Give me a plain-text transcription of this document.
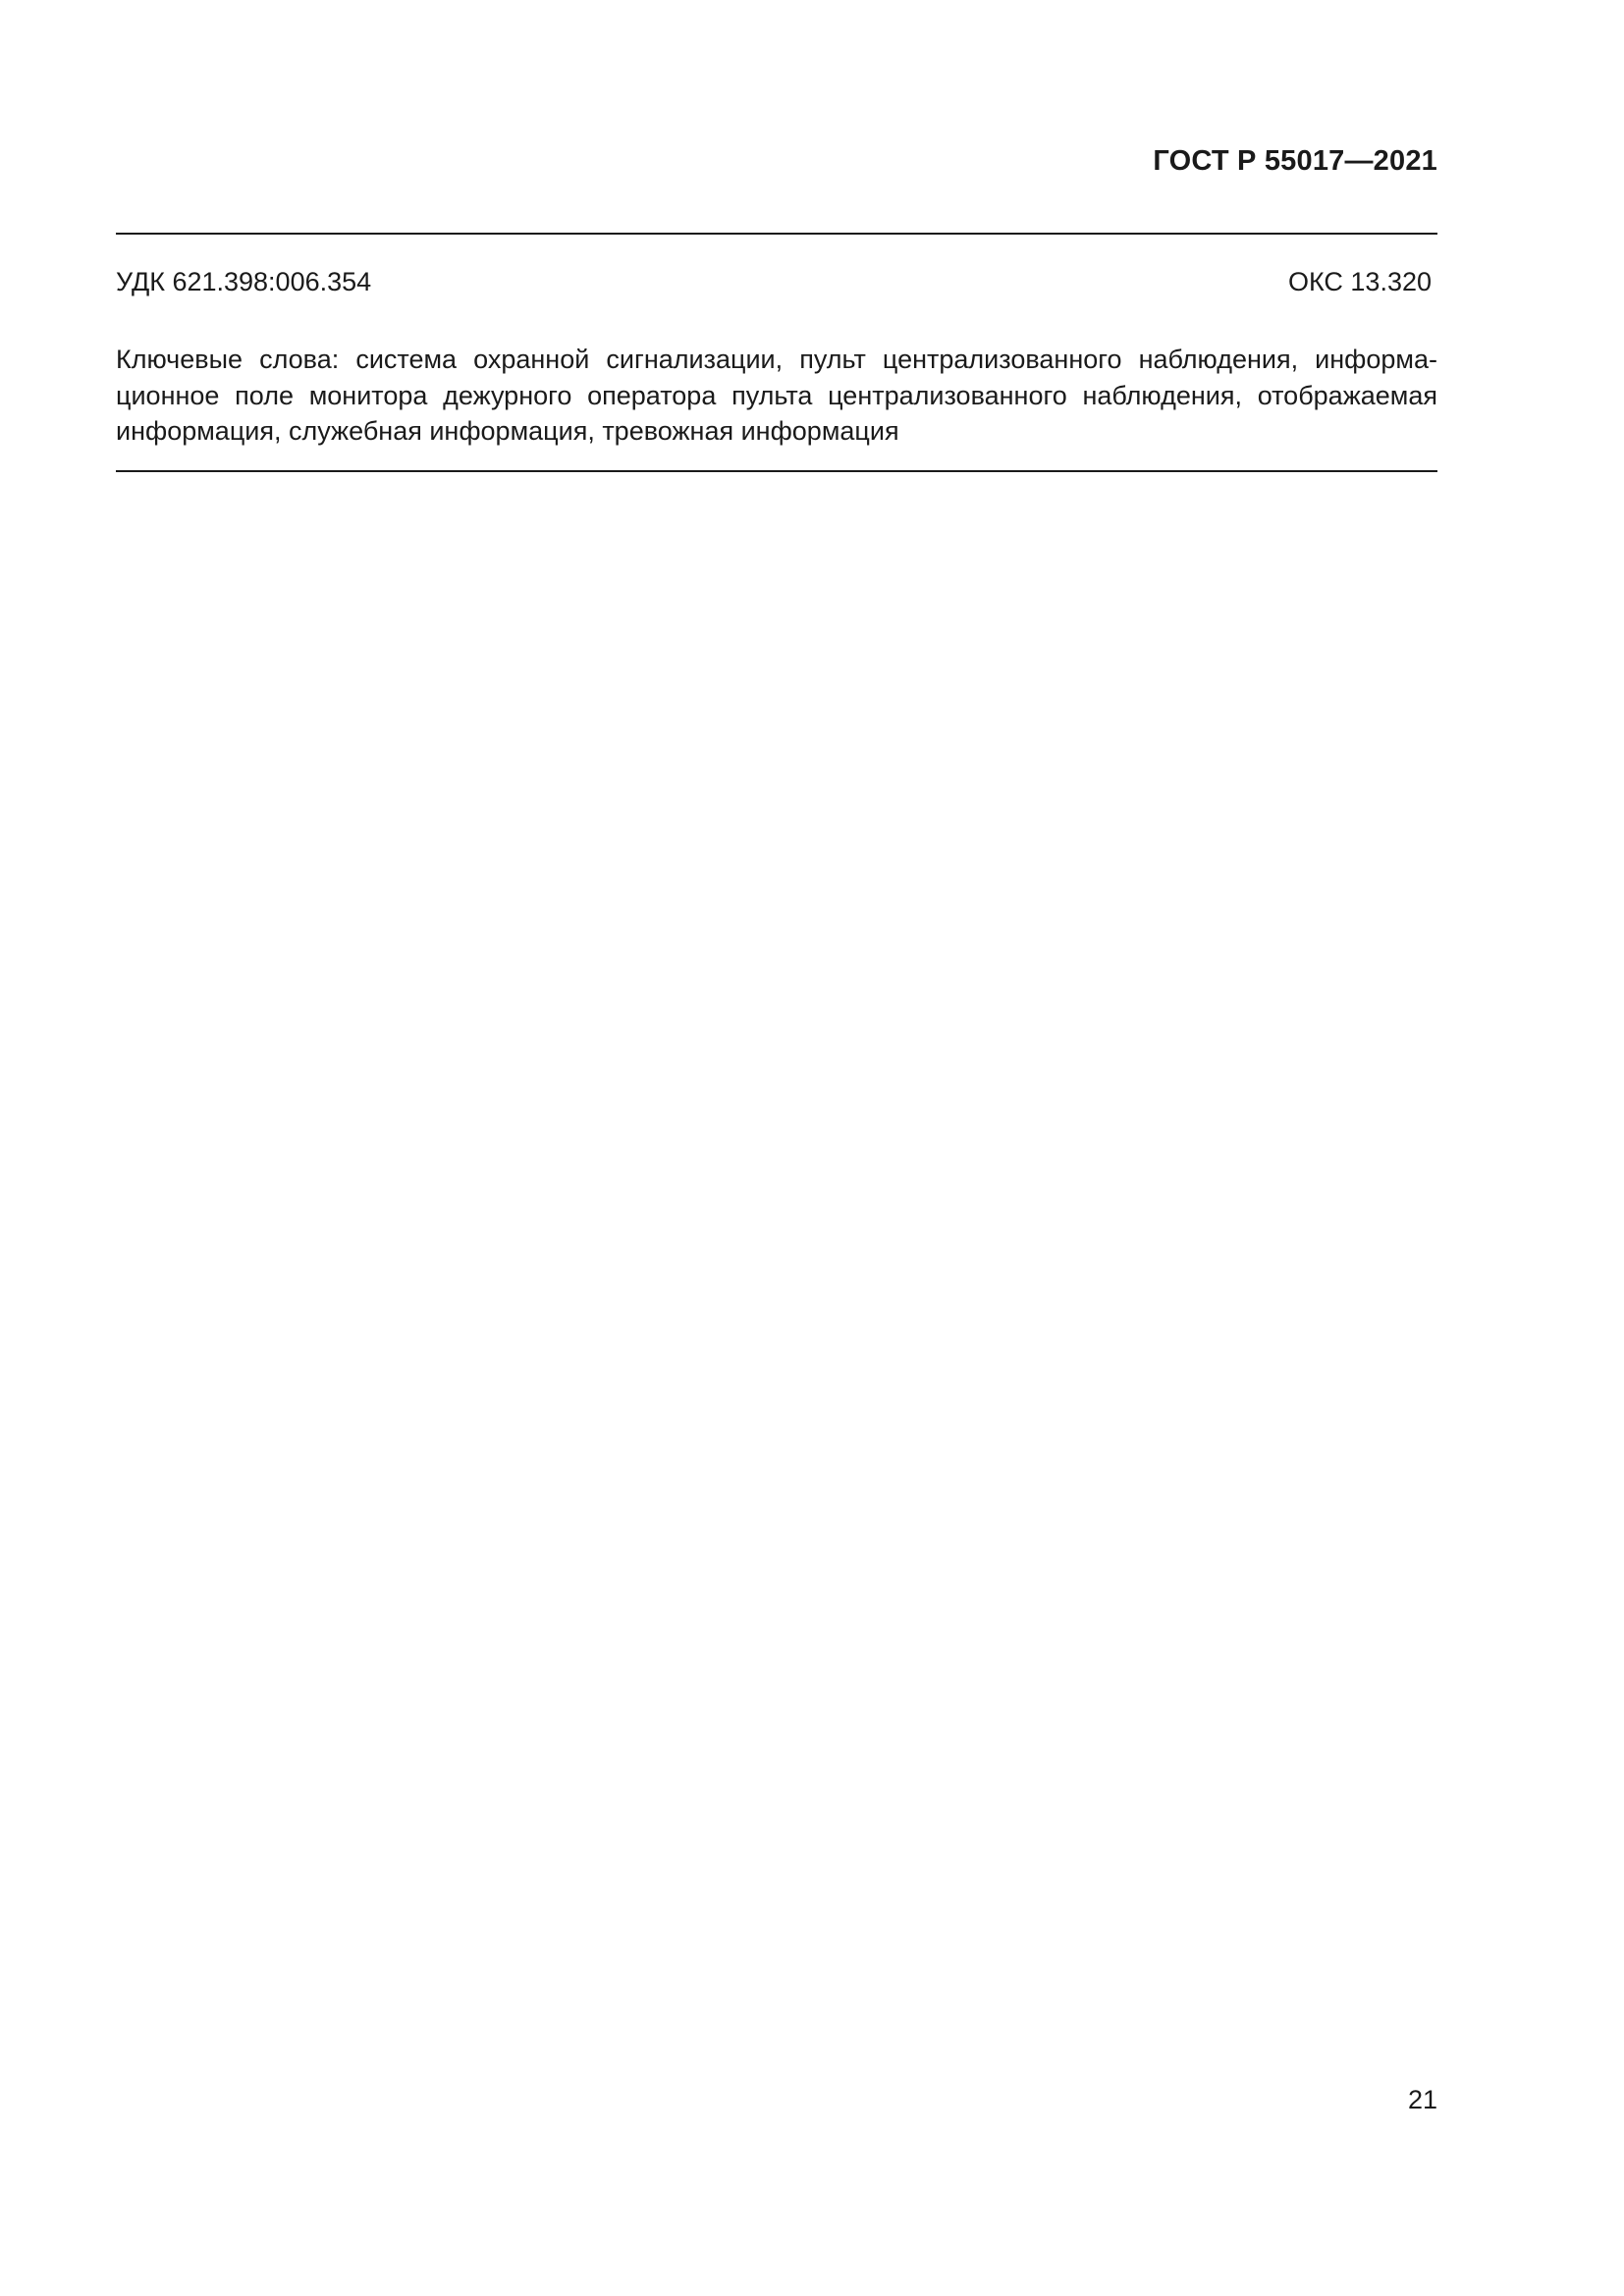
ГОСТ Р 55017—2021
УДК 621.398:006.354	ОКС 13.320

Ключевые слова: система охранной сигнализации, пульт централизованного наблюдения, информа-
ционное поле монитора дежурного оператора пульта централизованного наблюдения, отображаемая
информация, служебная информация, тревожная информация

21
